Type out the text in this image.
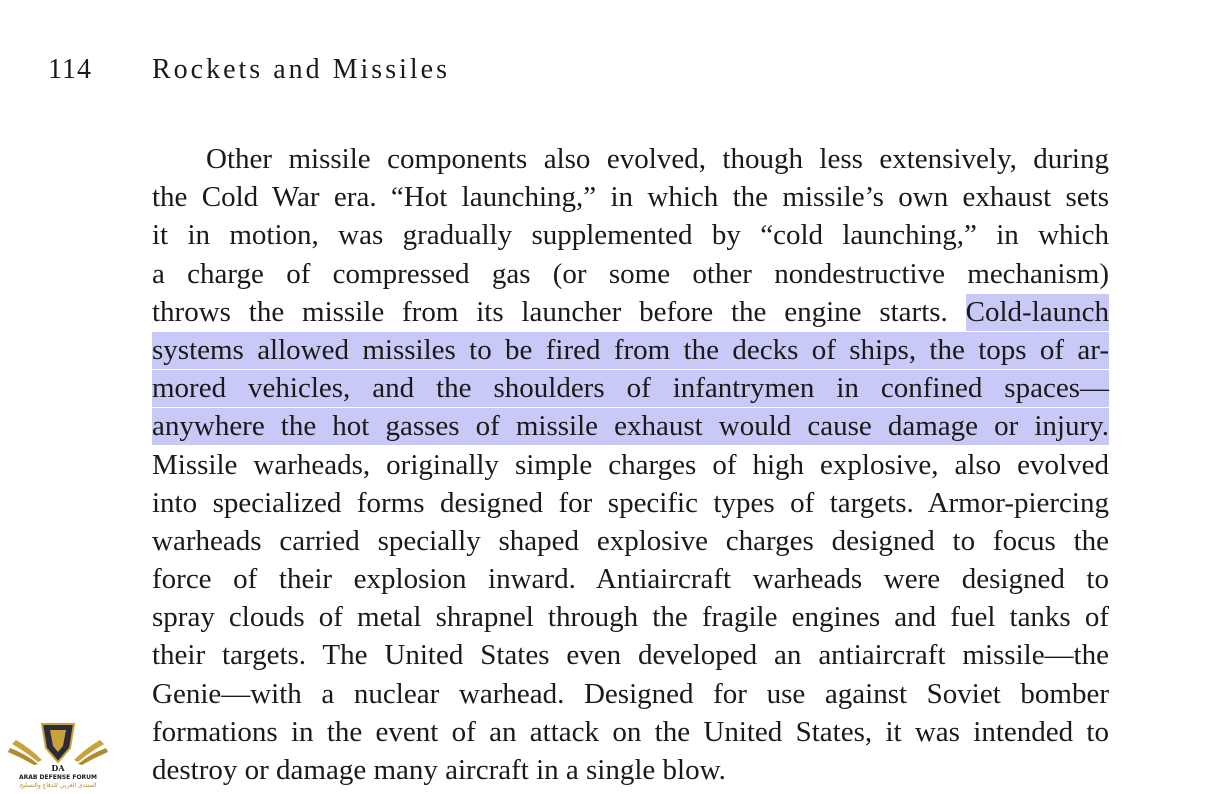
114 Rockets and Missiles
Other missile components also evolved, though less extensively, during
the Cold War era. “Hot launching,” in which the missile’s own exhaust sets
it in motion, was gradually supplemented by “cold launching,” in which
a charge of compressed gas (or some other nondestructive mechanism)
throws the missile from its launcher before the engine starts. Cold-launch
systems allowed missiles to be fired from the decks of ships, the tops of ar-
mored vehicles, and the shoulders of infantrymen in confined spaces—
anywhere the hot gasses of missile exhaust would cause damage or injury.
Missile warheads, originally simple charges of high explosive, also evolved
into specialized forms designed for specific types of targets. Armor-piercing
warheads carried specially shaped explosive charges designed to focus the
force of their explosion inward. Antiaircraft warheads were designed to
spray clouds of metal shrapnel through the fragile engines and fuel tanks of
their targets. The United States even developed an antiaircraft missile—the
Genie—with a nuclear warhead. Designed for use against Soviet bomber
formations in the event of an attack on the United States, it was intended to
destroy or damage many aircraft in a single blow.
DA
ARAB DEFENSE FORUM
المنتدى العربي للدفاع والتسليح
